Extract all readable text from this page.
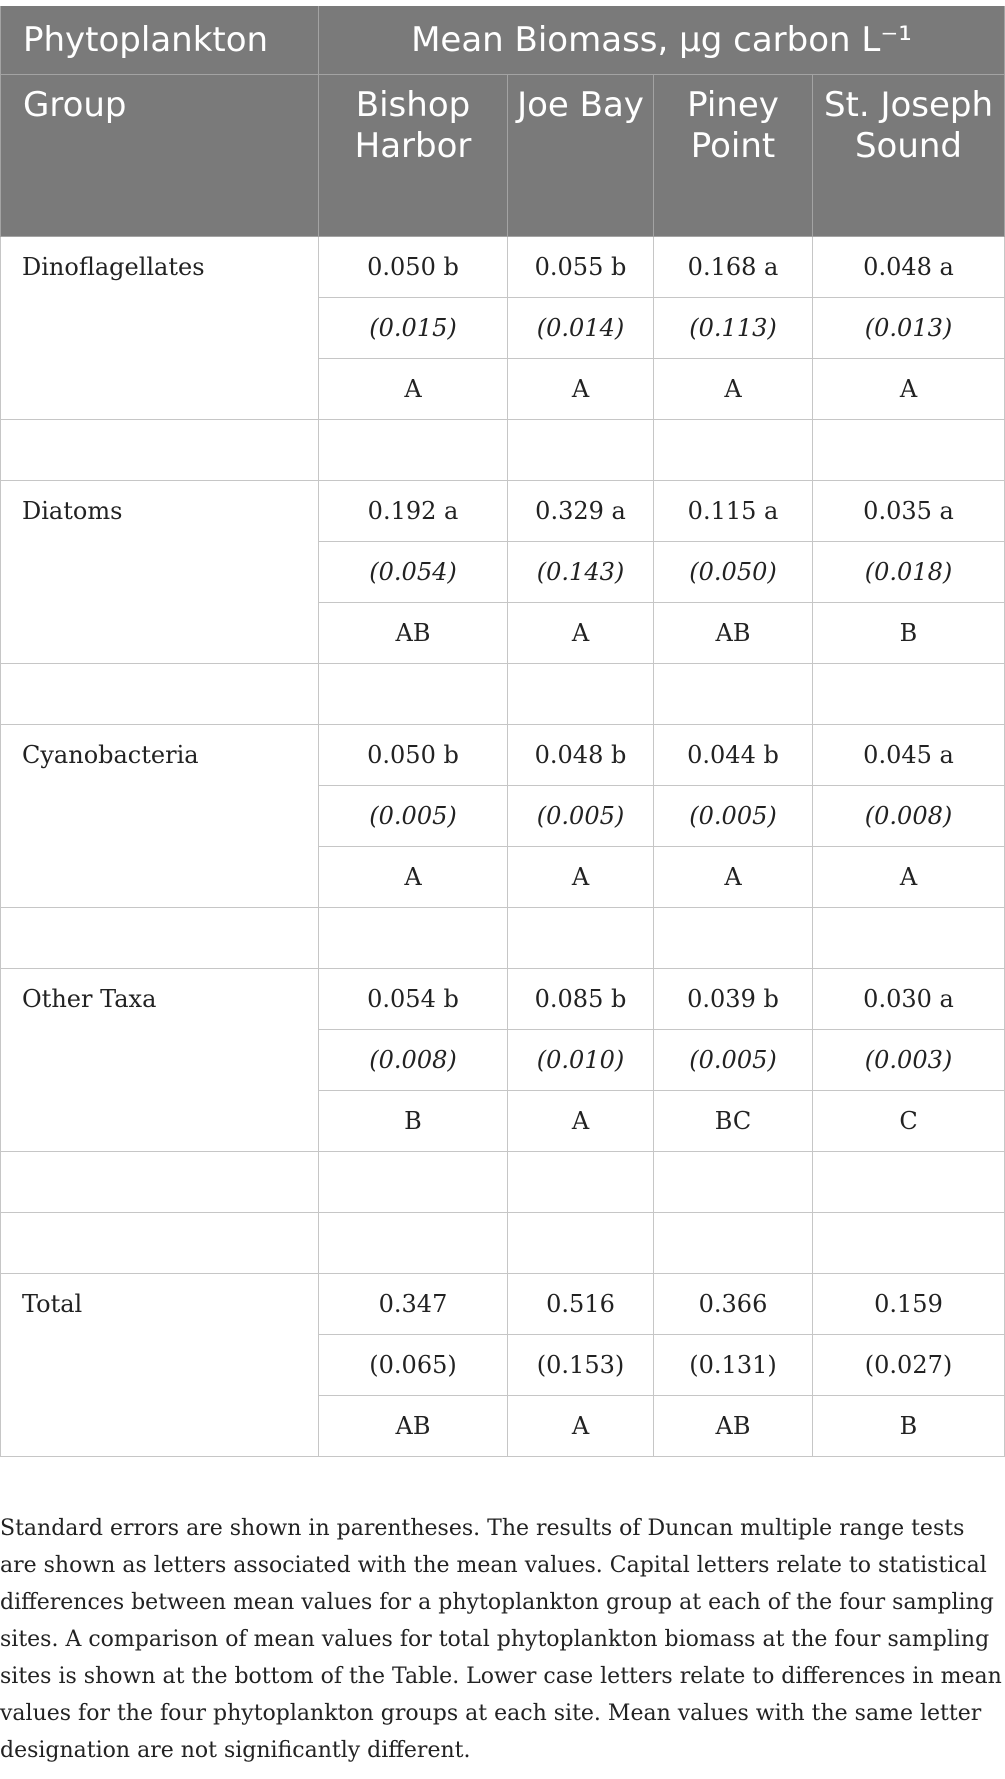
Phytoplankton	Mean Biomass, μg carbon L⁻¹			
Group	Bishop Harbor	Joe Bay	Piney Point	St. Joseph Sound
Dinoflagellates	0.050 b	0.055 b	0.168 a	0.048 a
	(0.015)	(0.014)	(0.113)	(0.013)
	A	A	A	A

Diatoms	0.192 a	0.329 a	0.115 a	0.035 a
	(0.054)	(0.143)	(0.050)	(0.018)
	AB	A	AB	B

Cyanobacteria	0.050 b	0.048 b	0.044 b	0.045 a
	(0.005)	(0.005)	(0.005)	(0.008)
	A	A	A	A

Other Taxa	0.054 b	0.085 b	0.039 b	0.030 a
	(0.008)	(0.010)	(0.005)	(0.003)
	B	A	BC	C

Total	0.347	0.516	0.366	0.159
	(0.065)	(0.153)	(0.131)	(0.027)
	AB	A	AB	B

Standard errors are shown in parentheses. The results of Duncan multiple range tests are shown as letters associated with the mean values. Capital letters relate to statistical differences between mean values for a phytoplankton group at each of the four sampling sites. A comparison of mean values for total phytoplankton biomass at the four sampling sites is shown at the bottom of the Table. Lower case letters relate to differences in mean values for the four phytoplankton groups at each site. Mean values with the same letter designation are not significantly different.
